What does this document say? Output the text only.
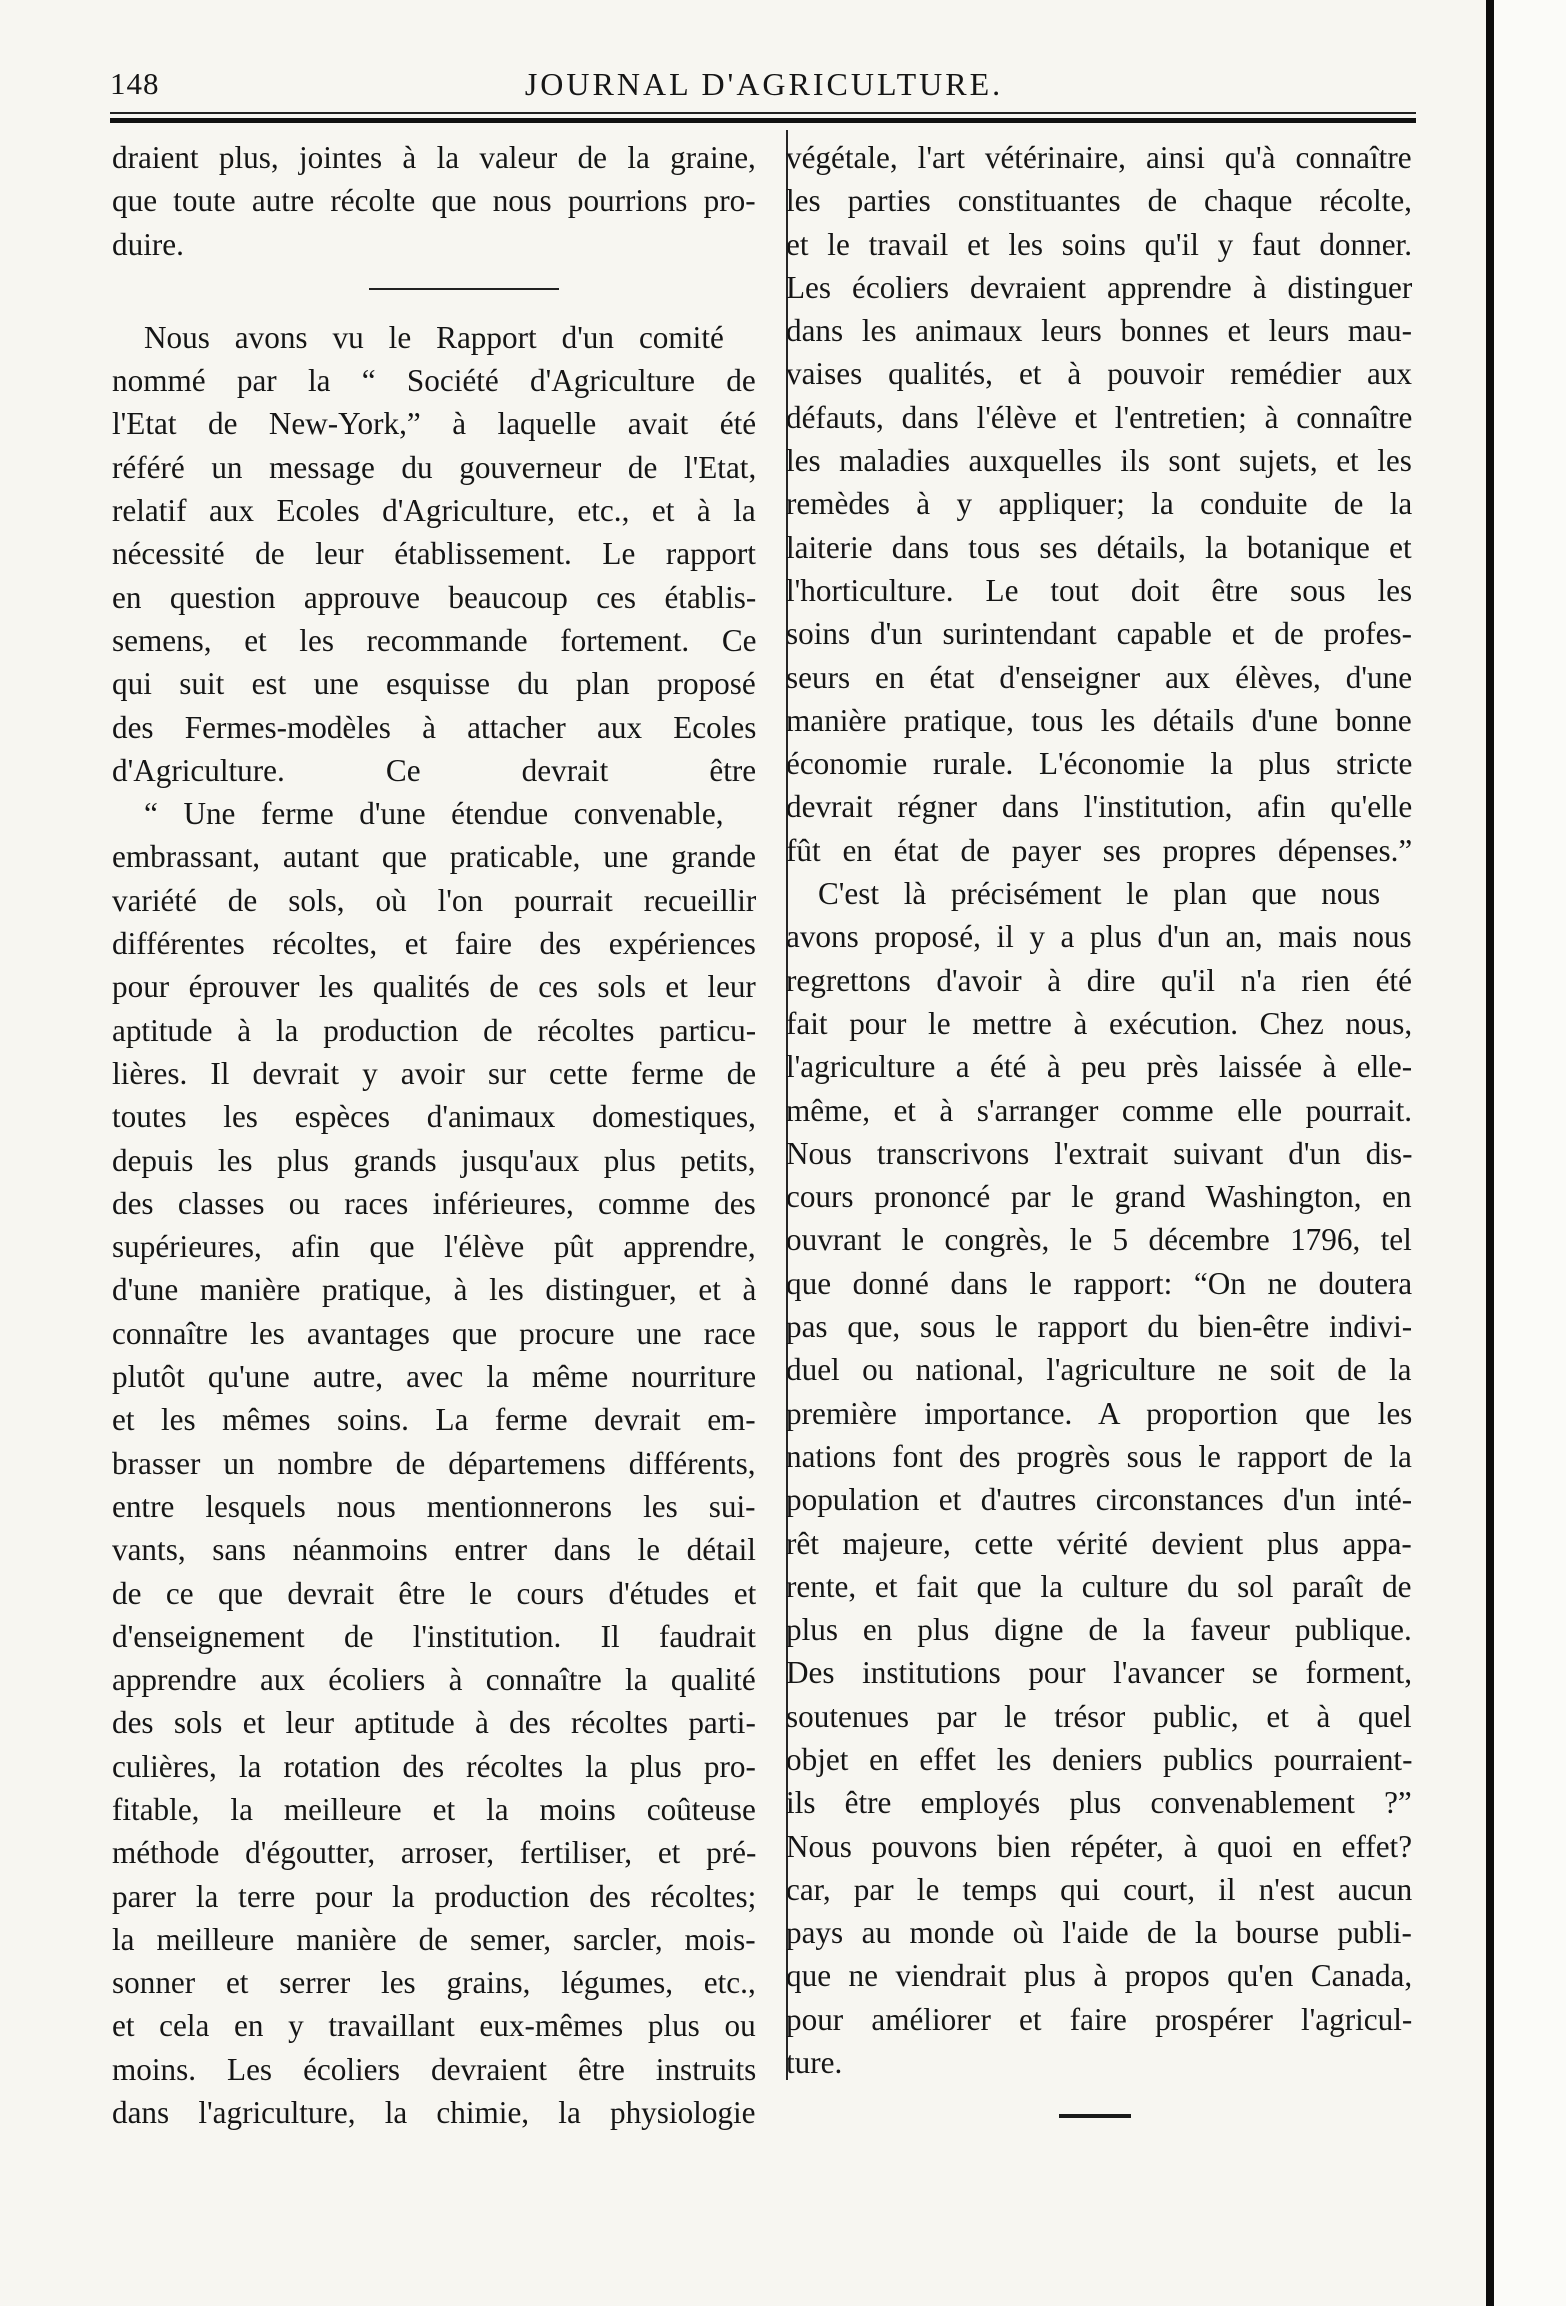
148	JOURNAL D'AGRICULTURE.
draient plus, jointes à la valeur de la graine,
que toute autre récolte que nous pourrions pro-
duire.
Nous avons vu le Rapport d'un comité
nommé par la “ Société d'Agriculture de
l'Etat de New-York,” à laquelle avait été
référé un message du gouverneur de l'Etat,
relatif aux Ecoles d'Agriculture, etc., et à la
nécessité de leur établissement. Le rapport
en question approuve beaucoup ces établis-
semens, et les recommande fortement. Ce
qui suit est une esquisse du plan proposé
des Fermes-modèles à attacher aux Ecoles
d'Agriculture. Ce devrait être
“ Une ferme d'une étendue convenable,
embrassant, autant que praticable, une grande
variété de sols, où l'on pourrait recueillir
différentes récoltes, et faire des expériences
pour éprouver les qualités de ces sols et leur
aptitude à la production de récoltes particu-
lières. Il devrait y avoir sur cette ferme de
toutes les espèces d'animaux domestiques,
depuis les plus grands jusqu'aux plus petits,
des classes ou races inférieures, comme des
supérieures, afin que l'élève pût apprendre,
d'une manière pratique, à les distinguer, et à
connaître les avantages que procure une race
plutôt qu'une autre, avec la même nourriture
et les mêmes soins. La ferme devrait em-
brasser un nombre de départemens différents,
entre lesquels nous mentionnerons les sui-
vants, sans néanmoins entrer dans le détail
de ce que devrait être le cours d'études et
d'enseignement de l'institution. Il faudrait
apprendre aux écoliers à connaître la qualité
des sols et leur aptitude à des récoltes parti-
culières, la rotation des récoltes la plus pro-
fitable, la meilleure et la moins coûteuse
méthode d'égoutter, arroser, fertiliser, et pré-
parer la terre pour la production des récoltes;
la meilleure manière de semer, sarcler, mois-
sonner et serrer les grains, légumes, etc.,
et cela en y travaillant eux-mêmes plus ou
moins. Les écoliers devraient être instruits
dans l'agriculture, la chimie, la physiologie
végétale, l'art vétérinaire, ainsi qu'à connaître
les parties constituantes de chaque récolte,
et le travail et les soins qu'il y faut donner.
Les écoliers devraient apprendre à distinguer
dans les animaux leurs bonnes et leurs mau-
vaises qualités, et à pouvoir remédier aux
défauts, dans l'élève et l'entretien; à connaître
les maladies auxquelles ils sont sujets, et les
remèdes à y appliquer; la conduite de la
laiterie dans tous ses détails, la botanique et
l'horticulture. Le tout doit être sous les
soins d'un surintendant capable et de profes-
seurs en état d'enseigner aux élèves, d'une
manière pratique, tous les détails d'une bonne
économie rurale. L'économie la plus stricte
devrait régner dans l'institution, afin qu'elle
fût en état de payer ses propres dépenses.”
C'est là précisément le plan que nous
avons proposé, il y a plus d'un an, mais nous
regrettons d'avoir à dire qu'il n'a rien été
fait pour le mettre à exécution. Chez nous,
l'agriculture a été à peu près laissée à elle-
même, et à s'arranger comme elle pourrait.
Nous transcrivons l'extrait suivant d'un dis-
cours prononcé par le grand Washington, en
ouvrant le congrès, le 5 décembre 1796, tel
que donné dans le rapport: “On ne doutera
pas que, sous le rapport du bien-être indivi-
duel ou national, l'agriculture ne soit de la
première importance. A proportion que les
nations font des progrès sous le rapport de la
population et d'autres circonstances d'un inté-
rêt majeure, cette vérité devient plus appa-
rente, et fait que la culture du sol paraît de
plus en plus digne de la faveur publique.
Des institutions pour l'avancer se forment,
soutenues par le trésor public, et à quel
objet en effet les deniers publics pourraient-
ils être employés plus convenablement ?”
Nous pouvons bien répéter, à quoi en effet?
car, par le temps qui court, il n'est aucun
pays au monde où l'aide de la bourse publi-
que ne viendrait plus à propos qu'en Canada,
pour améliorer et faire prospérer l'agricul-
ture.
